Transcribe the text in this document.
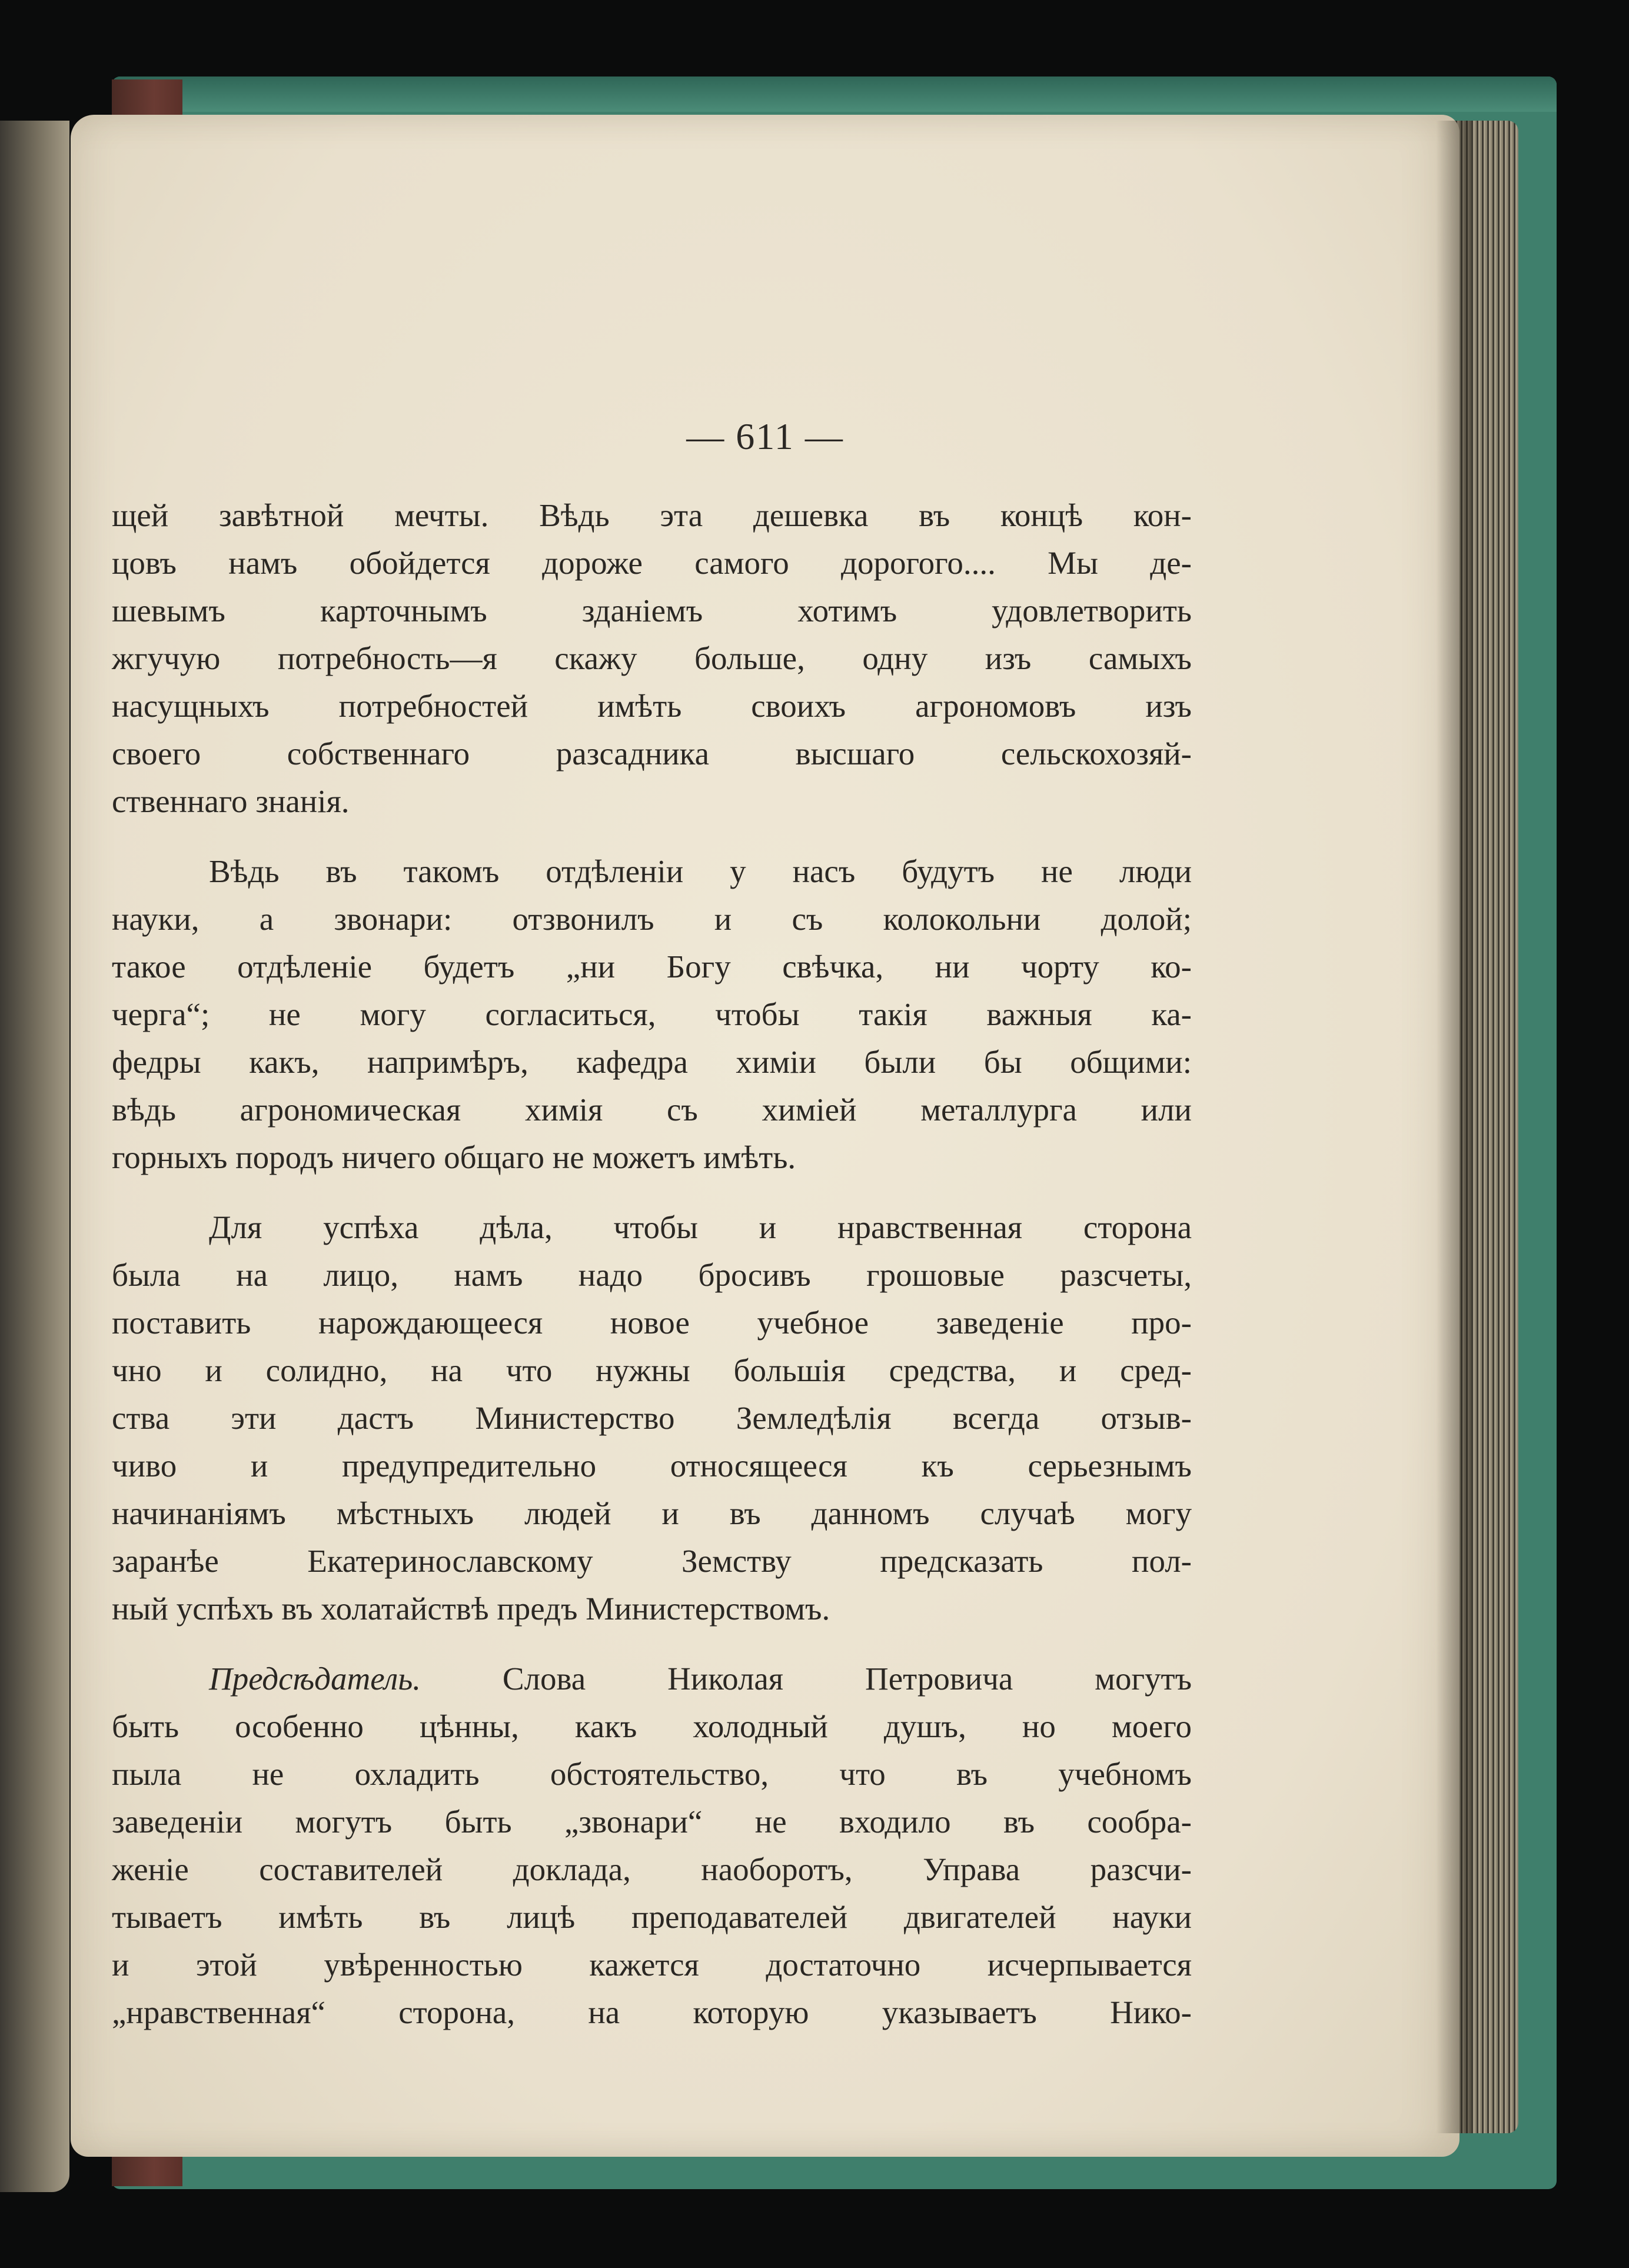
— 611 —
щей завѣтной мечты. Вѣдь эта дешевка въ концѣ кон-
цовъ намъ обойдется дороже самого дорогого.... Мы де-
шевымъ карточнымъ зданіемъ хотимъ удовлетворить
жгучую потребность—я скажу больше, одну изъ самыхъ
насущныхъ потребностей имѣть своихъ агрономовъ изъ
своего собственнаго разсадника высшаго сельскохозяй-
ственнаго знанія.
Вѣдь въ такомъ отдѣленіи у насъ будутъ не люди
науки, а звонари: отзвонилъ и съ колокольни долой;
такое отдѣленіе будетъ „ни Богу свѣчка, ни чорту ко-
черга“; не могу согласиться, чтобы такія важныя ка-
федры какъ, напримѣръ, кафедра химіи были бы общими:
вѣдь агрономическая химія съ химіей металлурга или
горныхъ породъ ничего общаго не можетъ имѣть.
Для успѣха дѣла, чтобы и нравственная сторона
была на лицо, намъ надо бросивъ грошовые разсчеты,
поставить нарождающееся новое учебное заведеніе про-
чно и солидно, на что нужны большія средства, и сред-
ства эти дастъ Министерство Земледѣлія всегда отзыв-
чиво и предупредительно относящееся къ серьезнымъ
начинаніямъ мѣстныхъ людей и въ данномъ случаѣ могу
заранѣе Екатеринославскому Земству предсказать пол-
ный успѣхъ въ холатайствѣ предъ Министерствомъ.
Предсѣдатель.	Слова Николая Петровича могутъ
быть особенно цѣнны, какъ холодный душъ, но моего
пыла не охладить обстоятельство, что въ учебномъ
заведеніи могутъ быть „звонари“ не входило въ сообра-
женіе составителей доклада, наоборотъ, Управа разсчи-
тываетъ имѣть въ лицѣ преподавателей двигателей науки
и этой увѣренностью кажется достаточно исчерпывается
„нравственная“ сторона, на которую указываетъ Нико-
